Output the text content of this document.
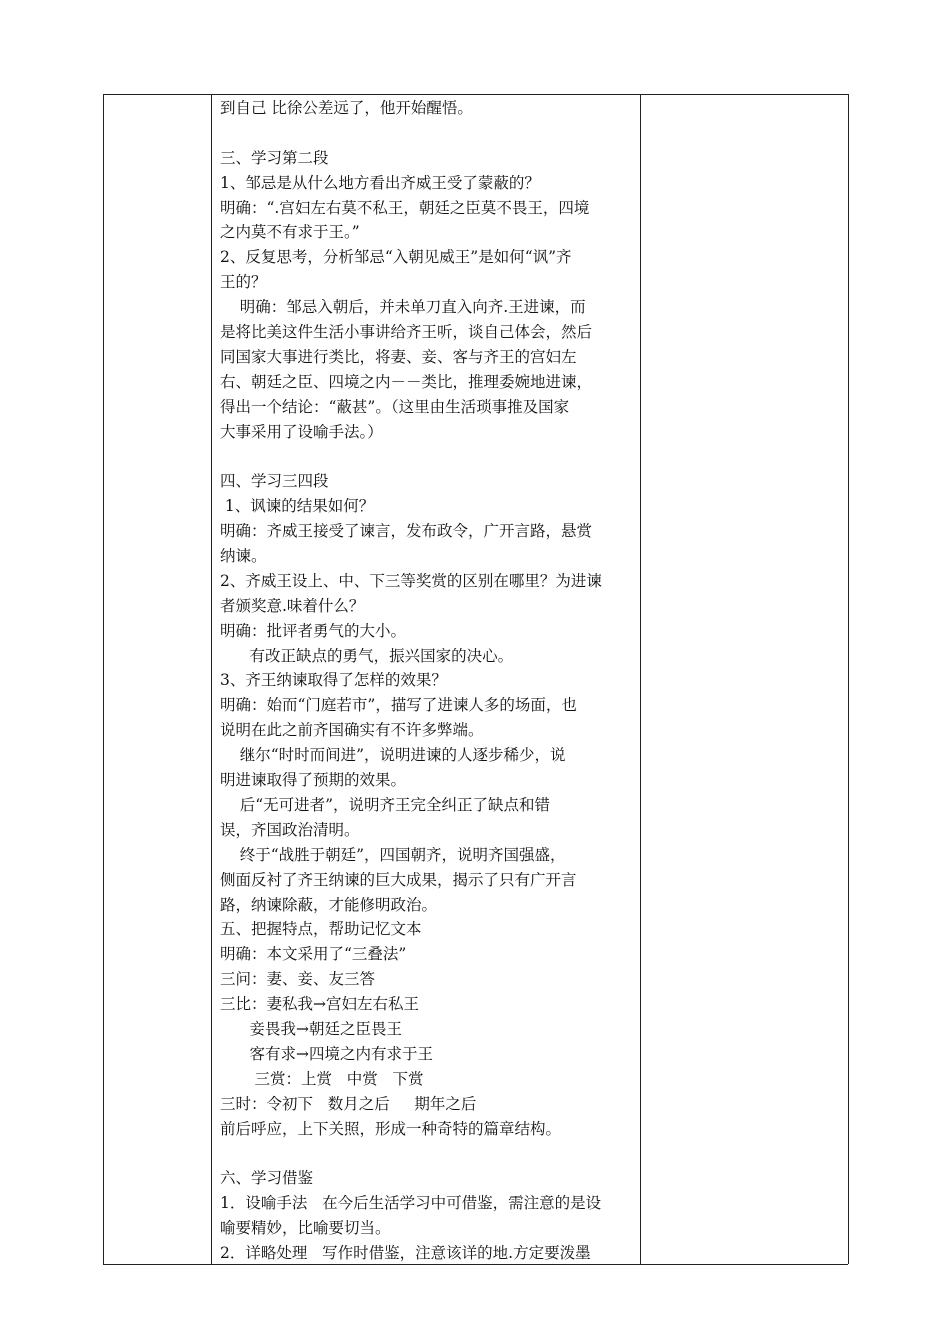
到自己 比徐公差远了，他开始醒悟。
三、学习第二段
1、邹忌是从什么地方看出齐威王受了蒙蔽的？
明确：“.宫妇左右莫不私王，朝廷之臣莫不畏王，四境
之内莫不有求于王。”
2、反复思考，分析邹忌“入朝见威王”是如何“讽”齐
王的？
明确：邹忌入朝后，并未单刀直入向齐.王进谏，而
是将比美这件生活小事讲给齐王听，谈自己体会，然后
同国家大事进行类比，将妻、妾、客与齐王的宫妇左
右、朝廷之臣、四境之内－－类比，推理委婉地进谏，
得出一个结论：“蔽甚”。（这里由生活琐事推及国家
大事采用了设喻手法。）
四、学习三四段
1、讽谏的结果如何？
明确：齐威王接受了谏言，发布政令，广开言路，悬赏
纳谏。
2、齐威王设上、中、下三等奖赏的区别在哪里？为进谏
者颁奖意.味着什么？
明确：批评者勇气的大小。
有改正缺点的勇气，振兴国家的决心。
3、齐王纳谏取得了怎样的效果？
明确：始而“门庭若市”，描写了进谏人多的场面，也
说明在此之前齐国确实有不许多弊端。
继尔“时时而间进”，说明进谏的人逐步稀少，说
明进谏取得了预期的效果。
后“无可进者”，说明齐王完全纠正了缺点和错
误，齐国政治清明。
终于“战胜于朝廷”，四国朝齐，说明齐国强盛，
侧面反衬了齐王纳谏的巨大成果，揭示了只有广开言
路，纳谏除蔽，才能修明政治。
五、把握特点，帮助记忆文本
明确：本文采用了“三叠法”
三问：妻、妾、友三答
三比：妻私我→宫妇左右私王
妾畏我→朝廷之臣畏王
客有求→四境之内有求于王
三赏：上赏   中赏   下赏
三时：令初下   数月之后     期年之后
前后呼应，上下关照，形成一种奇特的篇章结构。
六、学习借鉴
1．设喻手法   在今后生活学习中可借鉴，需注意的是设
喻要精妙，比喻要切当。
2．详略处理   写作时借鉴，注意该详的地.方定要泼墨
